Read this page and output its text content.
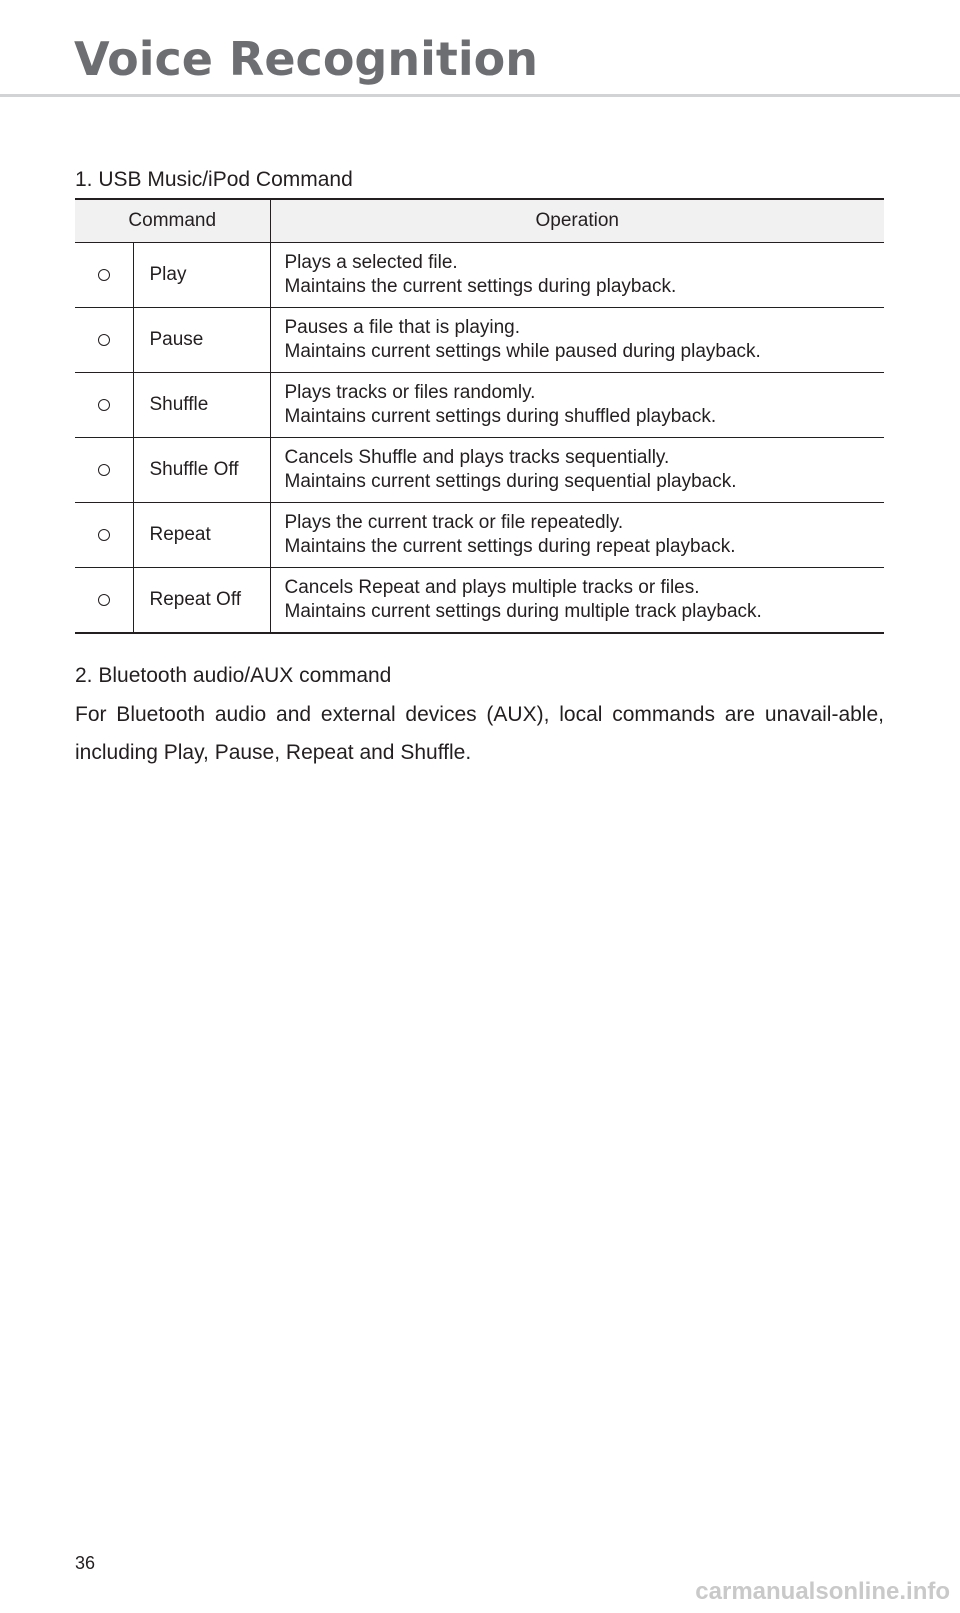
Voice Recognition
1. USB Music/iPod Command
Command		Operation
	Play	Plays a selected file.
Maintains the current settings during playback.

	Pause	Pauses a file that is playing.
Maintains current settings while paused during playback.

	Shuffle	Plays tracks or files randomly.
Maintains current settings during shuffled playback.

	Shuffle Off	Cancels Shuffle and plays tracks sequentially.
Maintains current settings during sequential playback.

	Repeat	Plays the current track or file repeatedly.
Maintains the current settings during repeat playback.

	Repeat Off	Cancels Repeat and plays multiple tracks or files.
Maintains current settings during multiple track playback.
2. Bluetooth audio/AUX command
For Bluetooth audio and external devices (AUX), local commands are unavail-able, including Play, Pause, Repeat and Shuffle.
36
carmanualsonline.info
